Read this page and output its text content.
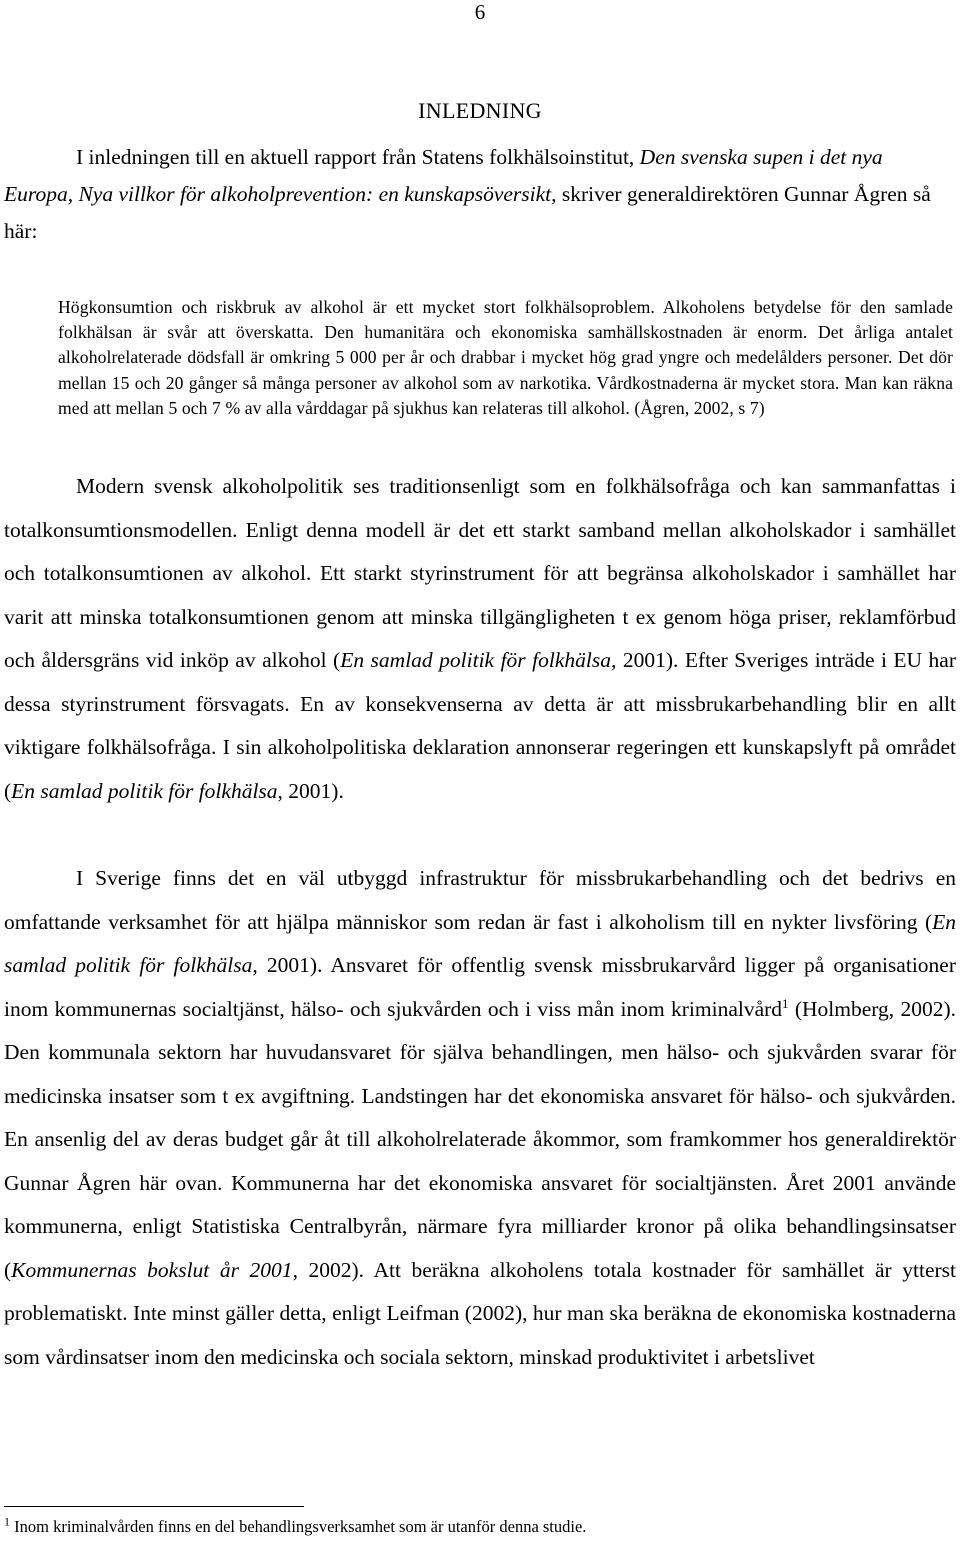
6
INLEDNING
I inledningen till en aktuell rapport från Statens folkhälsoinstitut, Den svenska supen i det nya Europa, Nya villkor för alkoholprevention: en kunskapsöversikt, skriver generaldirektören Gunnar Ågren så här:
Högkonsumtion och riskbruk av alkohol är ett mycket stort folkhälsoproblem. Alkoholens betydelse för den samlade folkhälsan är svår att överskatta. Den humanitära och ekonomiska samhällskostnaden är enorm. Det årliga antalet alkoholrelaterade dödsfall är omkring 5 000 per år och drabbar i mycket hög grad yngre och medelålders personer. Det dör mellan 15 och 20 gånger så många personer av alkohol som av narkotika. Vårdkostnaderna är mycket stora. Man kan räkna med att mellan 5 och 7 % av alla vårddagar på sjukhus kan relateras till alkohol. (Ågren, 2002, s 7)
Modern svensk alkoholpolitik ses traditionsenligt som en folkhälsofråga och kan sammanfattas i totalkonsumtionsmodellen. Enligt denna modell är det ett starkt samband mellan alkoholskador i samhället och totalkonsumtionen av alkohol. Ett starkt styrinstrument för att begränsa alkoholskador i samhället har varit att minska totalkonsumtionen genom att minska tillgängligheten t ex genom höga priser, reklamförbud och åldersgräns vid inköp av alkohol (En samlad politik för folkhälsa, 2001). Efter Sveriges inträde i EU har dessa styrinstrument försvagats. En av konsekvenserna av detta är att missbrukarbehandling blir en allt viktigare folkhälsofråga. I sin alkoholpolitiska deklaration annonserar regeringen ett kunskapslyft på området (En samlad politik för folkhälsa, 2001).
I Sverige finns det en väl utbyggd infrastruktur för missbrukarbehandling och det bedrivs en omfattande verksamhet för att hjälpa människor som redan är fast i alkoholism till en nykter livsföring (En samlad politik för folkhälsa, 2001). Ansvaret för offentlig svensk missbrukarvård ligger på organisationer inom kommunernas socialtjänst, hälso- och sjukvården och i viss mån inom kriminalvård$^1$ (Holmberg, 2002). Den kommunala sektorn har huvudansvaret för själva behandlingen, men hälso- och sjukvården svarar för medicinska insatser som t ex avgiftning. Landstingen har det ekonomiska ansvaret för hälso- och sjukvården. En ansenlig del av deras budget går åt till alkoholrelaterade åkommor, som framkommer hos generaldirektör Gunnar Ågren här ovan. Kommunerna har det ekonomiska ansvaret för socialtjänsten. Året 2001 använde kommunerna, enligt Statistiska Centralbyrån, närmare fyra milliarder kronor på olika behandlingsinsatser (Kommunernas bokslut år 2001, 2002). Att beräkna alkoholens totala kostnader för samhället är ytterst problematiskt. Inte minst gäller detta, enligt Leifman (2002), hur man ska beräkna de ekonomiska kostnaderna som vårdinsatser inom den medicinska och sociala sektorn, minskad produktivitet i arbetslivet
$^1$ Inom kriminalvården finns en del behandlingsverksamhet som är utanför denna studie.
